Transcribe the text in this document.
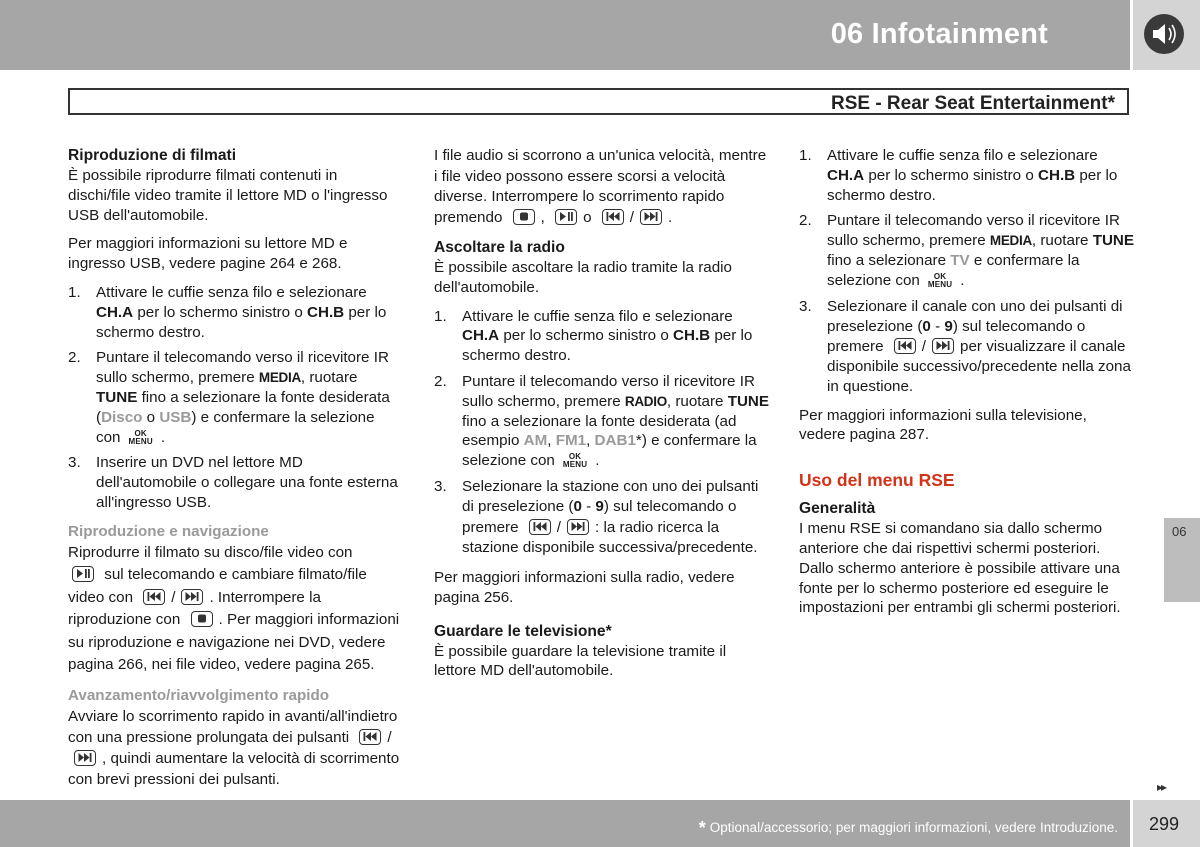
06 Infotainment
RSE - Rear Seat Entertainment*
Riproduzione di filmati

È possibile riprodurre filmati contenuti in dischi/file video tramite il lettore MD o l'ingresso USB dell'automobile.

Per maggiori informazioni su lettore MD e ingresso USB, vedere pagine 264 e 268.

1. Attivare le cuffie senza filo e selezionare CH.A per lo schermo sinistro o CH.B per lo schermo destro.
2. Puntare il telecomando verso il ricevitore IR sullo schermo, premere MEDIA, ruotare TUNE fino a selezionare la fonte desiderata (Disco o USB) e confermare la selezione con	OK
MENU .
3. Inserire un DVD nel lettore MD dell'automobile o collegare una fonte esterna all'ingresso USB.
Riproduzione e navigazione

Riprodurre il filmato su disco/file video con

sul telecomando e cambiare filmato/file video con	/ . Interrompere la riproduzione con	. Per maggiori informazioni su riproduzione e navigazione nei DVD, vedere pagina 266, nei file video, vedere pagina 265.

Avanzamento/riavvolgimento rapido

Avviare lo scorrimento rapido in avanti/all'indietro con una pressione prolungata dei pulsanti	/
, quindi aumentare la velocità di scorrimento con brevi pressioni dei pulsanti.

I file audio si scorrono a un'unica velocità, mentre i file video possono essere scorsi a velocità diverse. Interrompere lo scorrimento rapido premendo	,	o	/ .

Ascoltare la radio

È possibile ascoltare la radio tramite la radio dell'automobile.

1. Attivare le cuffie senza filo e selezionare CH.A per lo schermo sinistro o CH.B per lo schermo destro.
2. Puntare il telecomando verso il ricevitore IR sullo schermo, premere RADIO, ruotare TUNE fino a selezionare la fonte desiderata (ad esempio AM, FM1, DAB1*) e confermare la selezione con	OK
MENU .
3. Selezionare la stazione con uno dei pulsanti di preselezione (0 - 9) sul telecomando o premere	/ : la radio ricerca la stazione disponibile successiva/precedente.

Per maggiori informazioni sulla radio, vedere pagina 256.

Guardare le televisione*

È possibile guardare la televisione tramite il lettore MD dell'automobile.

1. Attivare le cuffie senza filo e selezionare CH.A per lo schermo sinistro o CH.B per lo schermo destro.
2. Puntare il telecomando verso il ricevitore IR sullo schermo, premere MEDIA, ruotare TUNE fino a selezionare TV e confermare la selezione con	OK
MENU .
3. Selezionare il canale con uno dei pulsanti di preselezione (0 - 9) sul telecomando o premere	/ per visualizzare il canale disponibile successivo/precedente nella zona in questione.

Per maggiori informazioni sulla televisione, vedere pagina 287.

Uso del menu RSE
Generalità

I menu RSE si comandano sia dallo schermo anteriore che dai rispettivi schermi posteriori. Dallo schermo anteriore è possibile attivare una fonte per lo schermo posteriore ed eseguire le impostazioni per entrambi gli schermi posteriori.

06
▸▸
* Optional/accessorio; per maggiori informazioni, vedere Introduzione. 299
